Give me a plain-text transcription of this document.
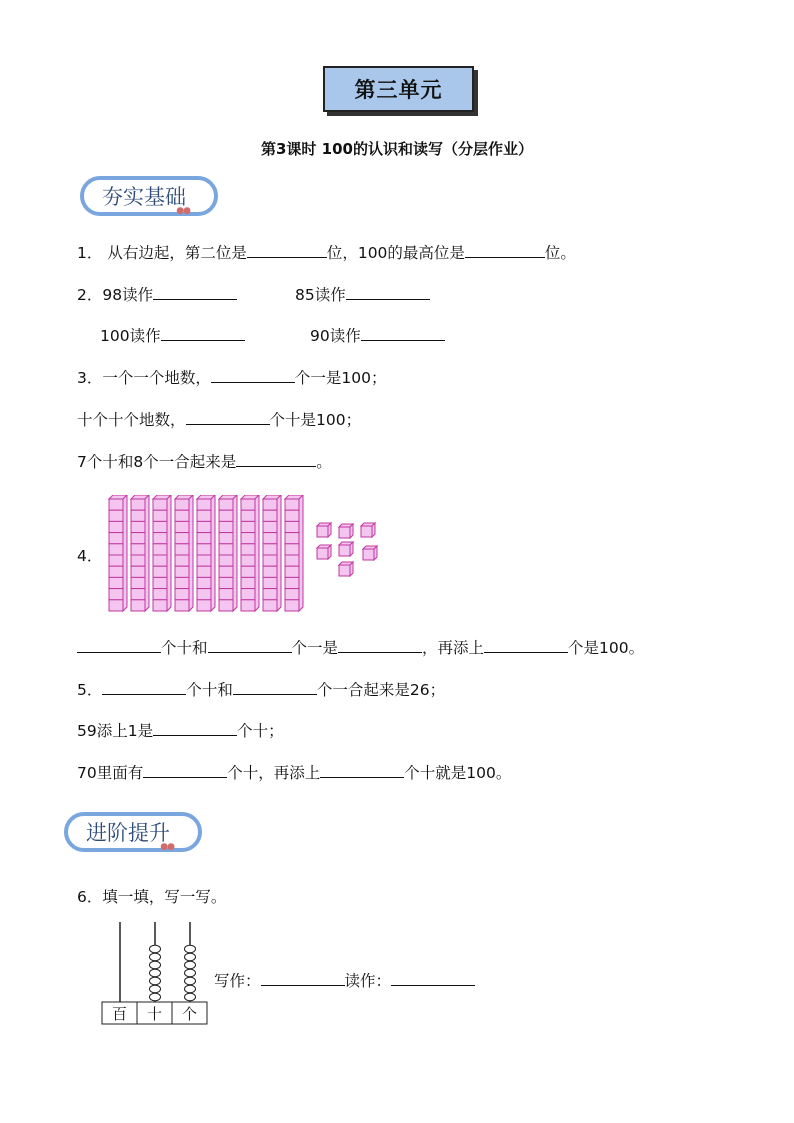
第三单元
第3课时 100的认识和读写（分层作业）
夯实基础
●●
1． 从右边起，第二位是	位，100的最高位是	位。
2．98读作	85读作
100读作	90读作
3．一个一个地数，	个一是100；
十个十个地数，	个十是100；
7个十和8个一合起来是	。
4．
个十和	个一是	，再添上	个是100。
5．	个十和	个一合起来是26；
59添上1是	个十；
70里面有	个十，再添上	个十就是100。
进阶提升
●●
6．填一填，写一写。
百 十 个
写作：	读作：
